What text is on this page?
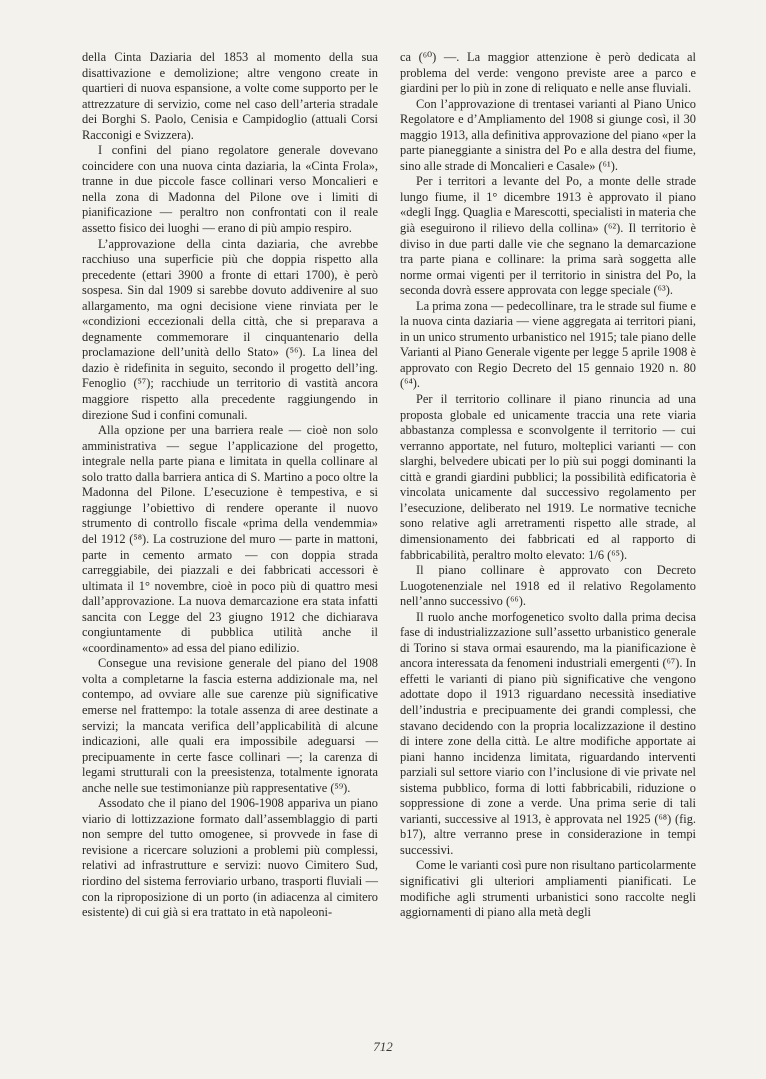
della Cinta Daziaria del 1853 al momento della sua disattivazione e demolizione; altre vengono create in quartieri di nuova espansione, a volte come supporto per le attrezzature di servizio, come nel caso dell’arteria stradale dei Borghi S. Paolo, Cenisia e Campidoglio (attuali Corsi Racconigi e Svizzera).

I confini del piano regolatore generale dovevano coincidere con una nuova cinta daziaria, la «Cinta Frola», tranne in due piccole fasce collinari verso Moncalieri e nella zona di Madonna del Pilone ove i limiti di pianificazione — peraltro non confrontati con il reale assetto fisico dei luoghi — erano di più ampio respiro.

L’approvazione della cinta daziaria, che avrebbe racchiuso una superficie più che doppia rispetto alla precedente (ettari 3900 a fronte di ettari 1700), è però sospesa. Sin dal 1909 si sarebbe dovuto addivenire al suo allargamento, ma ogni decisione viene rinviata per le «condizioni eccezionali della città, che si preparava a degnamente commemorare il cinquantenario della proclamazione dell’unità dello Stato» (⁵⁶). La linea del dazio è ridefinita in seguito, secondo il progetto dell’ing. Fenoglio (⁵⁷); racchiude un territorio di vastità ancora maggiore rispetto alla precedente raggiungendo in direzione Sud i confini comunali.

Alla opzione per una barriera reale — cioè non solo amministrativa — segue l’applicazione del progetto, integrale nella parte piana e limitata in quella collinare al solo tratto dalla barriera antica di S. Martino a poco oltre la Madonna del Pilone. L’esecuzione è tempestiva, e si raggiunge l’obiettivo di rendere operante il nuovo strumento di controllo fiscale «prima della vendemmia» del 1912 (⁵⁸). La costruzione del muro — parte in mattoni, parte in cemento armato — con doppia strada carreggiabile, dei piazzali e dei fabbricati accessori è ultimata il 1° novembre, cioè in poco più di quattro mesi dall’approvazione. La nuova demarcazione era stata infatti sancita con Legge del 23 giugno 1912 che dichiarava congiuntamente di pubblica utilità anche il «coordinamento» ad essa del piano edilizio.

Consegue una revisione generale del piano del 1908 volta a completarne la fascia esterna addizionale ma, nel contempo, ad ovviare alle sue carenze più significative emerse nel frattempo: la totale assenza di aree destinate a servizi; la mancata verifica dell’applicabilità di alcune indicazioni, alle quali era impossibile adeguarsi — precipuamente in certe fasce collinari —; la carenza di legami strutturali con la preesistenza, totalmente ignorata anche nelle sue testimonianze più rappresentative (⁵⁹).

Assodato che il piano del 1906-1908 appariva un piano viario di lottizzazione formato dall’assemblaggio di parti non sempre del tutto omogenee, si provvede in fase di revisione a ricercare soluzioni a problemi più complessi, relativi ad infrastrutture e servizi: nuovo Cimitero Sud, riordino del sistema ferroviario urbano, trasporti fluviali — con la riproposizione di un porto (in adiacenza al cimitero esistente) di cui già si era trattato in età napoleoni-

ca (⁶⁰) —. La maggior attenzione è però dedicata al problema del verde: vengono previste aree a parco e giardini per lo più in zone di reliquato e nelle anse fluviali.

Con l’approvazione di trentasei varianti al Piano Unico Regolatore e d’Ampliamento del 1908 si giunge così, il 30 maggio 1913, alla definitiva approvazione del piano «per la parte pianeggiante a sinistra del Po e alla destra del fiume, sino alle strade di Moncalieri e Casale» (⁶¹).

Per i territori a levante del Po, a monte delle strade lungo fiume, il 1° dicembre 1913 è approvato il piano «degli Ingg. Quaglia e Marescotti, specialisti in materia che già eseguirono il rilievo della collina» (⁶²). Il territorio è diviso in due parti dalle vie che segnano la demarcazione tra parte piana e collinare: la prima sarà soggetta alle norme ormai vigenti per il territorio in sinistra del Po, la seconda dovrà essere approvata con legge speciale (⁶³).

La prima zona — pedecollinare, tra le strade sul fiume e la nuova cinta daziaria — viene aggregata ai territori piani, in un unico strumento urbanistico nel 1915; tale piano delle Varianti al Piano Generale vigente per legge 5 aprile 1908 è approvato con Regio Decreto del 15 gennaio 1920 n. 80 (⁶⁴).

Per il territorio collinare il piano rinuncia ad una proposta globale ed unicamente traccia una rete viaria abbastanza complessa e sconvolgente il territorio — cui verranno apportate, nel futuro, molteplici varianti — con slarghi, belvedere ubicati per lo più sui poggi dominanti la città e grandi giardini pubblici; la possibilità edificatoria è vincolata unicamente dal successivo regolamento per l’esecuzione, deliberato nel 1919. Le normative tecniche sono relative agli arretramenti rispetto alle strade, al dimensionamento dei fabbricati ed al rapporto di fabbricabilità, peraltro molto elevato: 1/6 (⁶⁵).

Il piano collinare è approvato con Decreto Luogotenenziale nel 1918 ed il relativo Regolamento nell’anno successivo (⁶⁶).

Il ruolo anche morfogenetico svolto dalla prima decisa fase di industrializzazione sull’assetto urbanistico generale di Torino si stava ormai esaurendo, ma la pianificazione è ancora interessata da fenomeni industriali emergenti (⁶⁷). In effetti le varianti di piano più significative che vengono adottate dopo il 1913 riguardano necessità insediative dell’industria e precipuamente dei grandi complessi, che stavano decidendo con la propria localizzazione il destino di intere zone della città. Le altre modifiche apportate ai piani hanno incidenza limitata, riguardando interventi parziali sul settore viario con l’inclusione di vie private nel sistema pubblico, forma di lotti fabbricabili, riduzione o soppressione di zone a verde. Una prima serie di tali varianti, successive al 1913, è approvata nel 1925 (⁶⁸) (fig. b17), altre verranno prese in considerazione in tempi successivi.

Come le varianti così pure non risultano particolarmente significativi gli ulteriori ampliamenti pianificati. Le modifiche agli strumenti urbanistici sono raccolte negli aggiornamenti di piano alla metà degli

712
